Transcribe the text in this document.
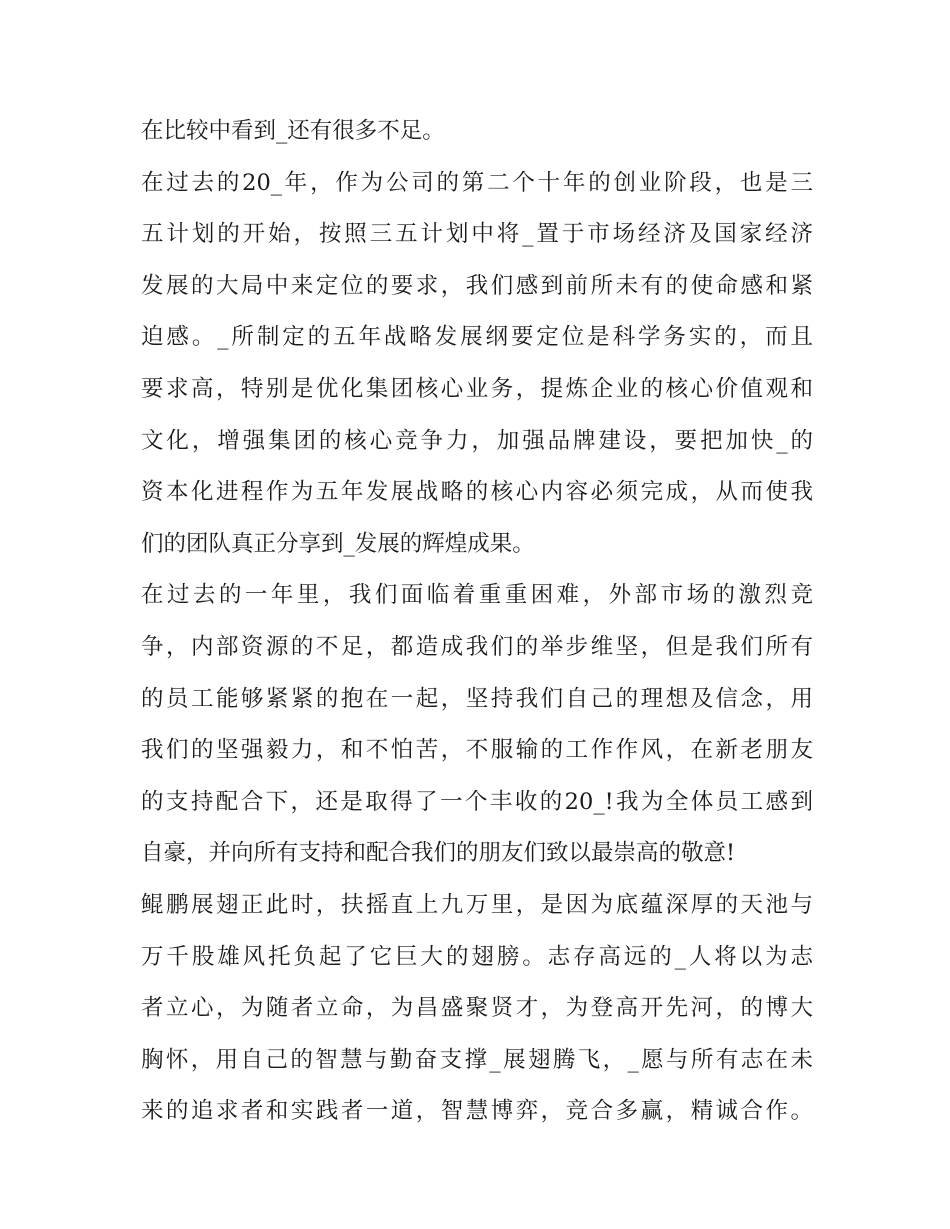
在比较中看到_还有很多不足。
在过去的20_年，作为公司的第二个十年的创业阶段，也是三
五计划的开始，按照三五计划中将_置于市场经济及国家经济
发展的大局中来定位的要求，我们感到前所未有的使命感和紧
迫感。_所制定的五年战略发展纲要定位是科学务实的，而且
要求高，特别是优化集团核心业务，提炼企业的核心价值观和
文化，增强集团的核心竞争力，加强品牌建设，要把加快_的
资本化进程作为五年发展战略的核心内容必须完成，从而使我
们的团队真正分享到_发展的辉煌成果。
在过去的一年里，我们面临着重重困难，外部市场的激烈竞
争，内部资源的不足，都造成我们的举步维坚，但是我们所有
的员工能够紧紧的抱在一起，坚持我们自己的理想及信念，用
我们的坚强毅力，和不怕苦，不服输的工作作风，在新老朋友
的支持配合下，还是取得了一个丰收的20_!我为全体员工感到
自豪，并向所有支持和配合我们的朋友们致以最崇高的敬意!
鲲鹏展翅正此时，扶摇直上九万里，是因为底蕴深厚的天池与
万千股雄风托负起了它巨大的翅膀。志存高远的_人将以为志
者立心，为随者立命，为昌盛聚贤才，为登高开先河，的博大
胸怀，用自己的智慧与勤奋支撑_展翅腾飞，_愿与所有志在未
来的追求者和实践者一道，智慧博弈，竞合多赢，精诚合作。
